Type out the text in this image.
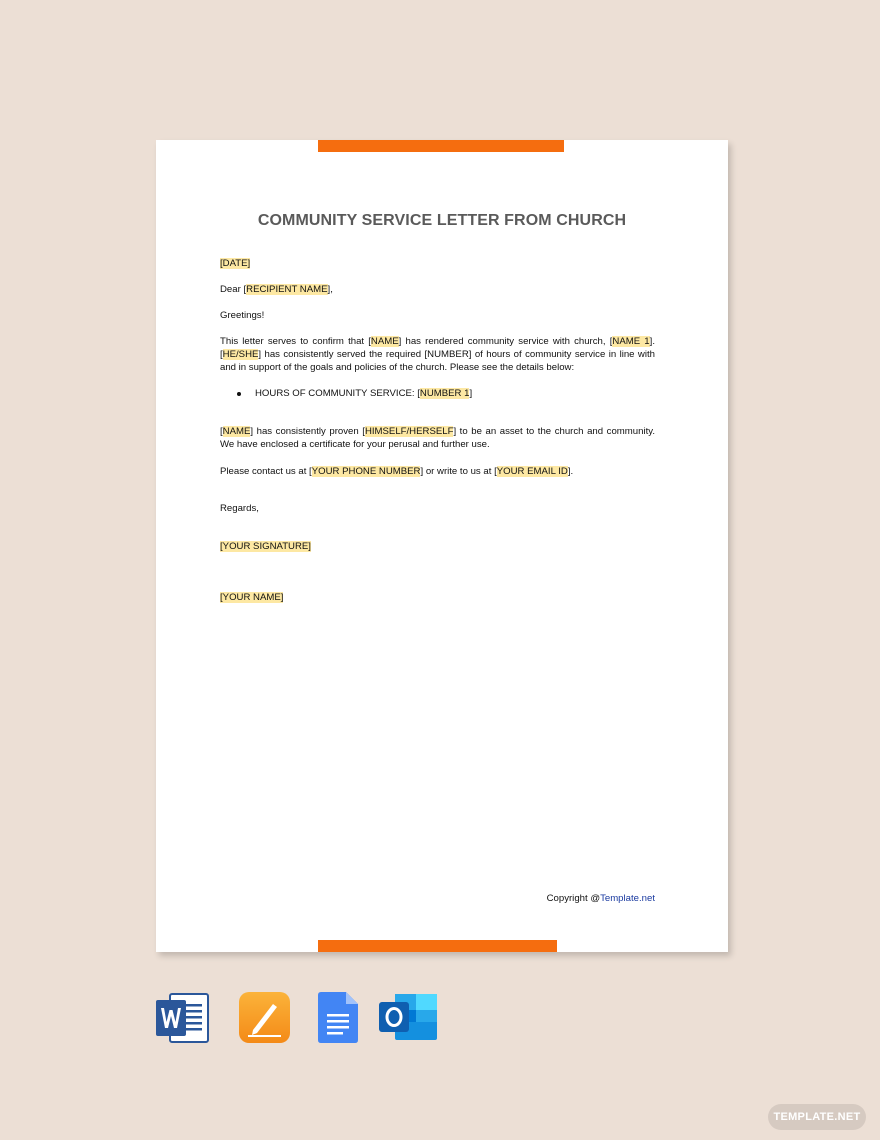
COMMUNITY SERVICE LETTER FROM CHURCH
[DATE]
Dear [RECIPIENT NAME],
Greetings!
This letter serves to confirm that [NAME] has rendered community service with church, [NAME 1]. [HE/SHE] has consistently served the required [NUMBER] of hours of community service in line with and in support of the goals and policies of the church. Please see the details below:
HOURS OF COMMUNITY SERVICE: [NUMBER 1]
[NAME] has consistently proven [HIMSELF/HERSELF] to be an asset to the church and community. We have enclosed a certificate for your perusal and further use.
Please contact us at [YOUR PHONE NUMBER] or write to us at [YOUR EMAIL ID].
Regards,
[YOUR SIGNATURE]
[YOUR NAME]
Copyright @Template.net
TEMPLATE.NET
